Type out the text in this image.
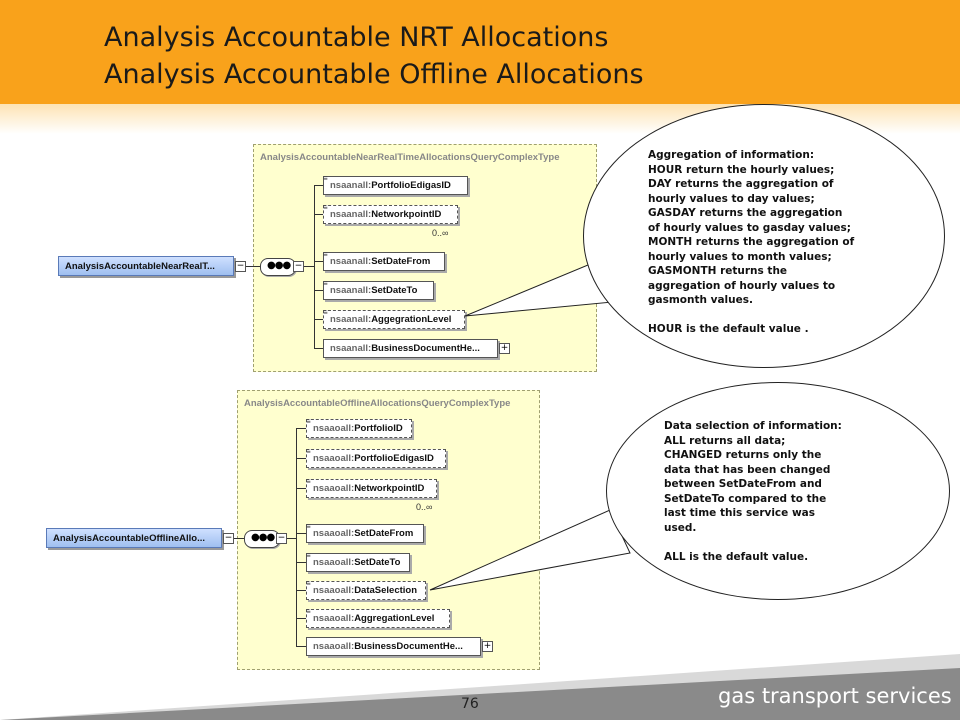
Analysis Accountable NRT Allocations
Analysis Accountable Offline Allocations
AnalysisAccountableNearRealTimeAllocationsQueryComplexType
AnalysisAccountableNearRealT...	− ●●● −
≡
nsaanall:PortfolioEdigasID
≡
nsaanall:NetworkpointID
0..∞
≡
nsaanall:SetDateFrom
≡
nsaanall:SetDateTo
≡
nsaanall:AggegrationLevel
nsaanall:BusinessDocumentHe...	+
AnalysisAccountableOfflineAllocationsQueryComplexType
AnalysisAccountableOfflineAllo...	− ●●● −
≡
nsaaoall:PortfolioID
≡
nsaaoall:PortfolioEdigasID
≡
nsaaoall:NetworkpointID
0..∞
≡
nsaaoall:SetDateFrom
≡
nsaaoall:SetDateTo
≡
nsaaoall:DataSelection
≡
nsaaoall:AggregationLevel
nsaaoall:BusinessDocumentHe...	+
Aggregation of information:
HOUR return the hourly values;
DAY returns the aggregation of
hourly values to day values;
GASDAY returns the aggregation
of hourly values to gasday values;
MONTH returns the aggregation of
hourly values to month values;
GASMONTH returns the
aggregation of hourly values to
gasmonth values.
HOUR is the default value .
Data selection of information:
ALL returns all data;
CHANGED returns only the
data that has been changed
between SetDateFrom and
SetDateTo compared to the
last time this service was
used.
ALL is the default value.
76	gas transport services
